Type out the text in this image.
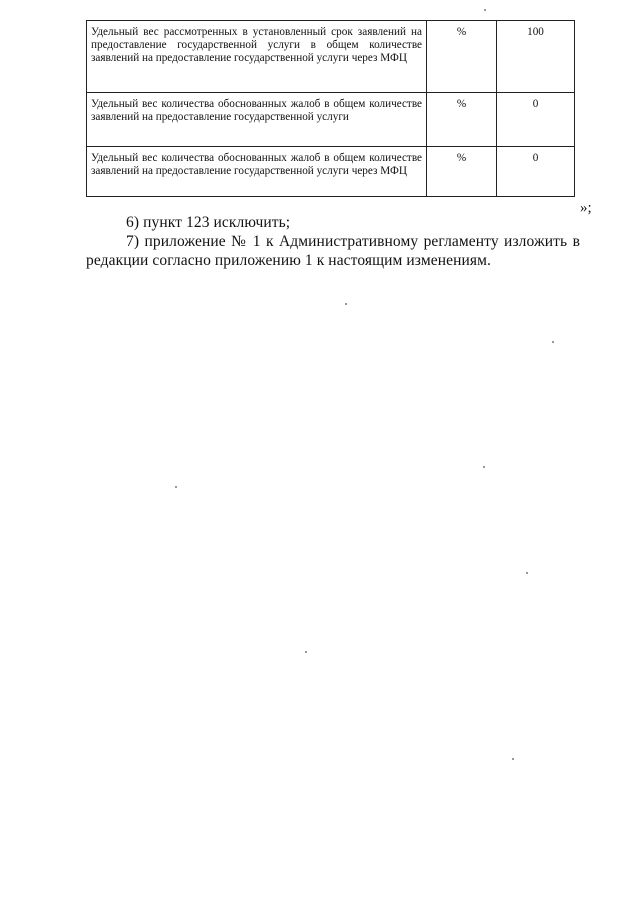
Удельный вес рассмотренных в установленный срок заявлений на предоставление государственной услуги в общем количестве заявлений на предоставление государственной услуги через МФЦ	%	100
Удельный вес количества обоснованных жалоб в общем количестве заявлений на предоставление государственной услуги	%	0
Удельный вес количества обоснованных жалоб в общем количестве заявлений на предоставление государственной услуги через МФЦ	%	0
»;
6) пункт 123 исключить;
7) приложение № 1 к Административному регламенту изложить в редакции согласно приложению 1 к настоящим изменениям.
